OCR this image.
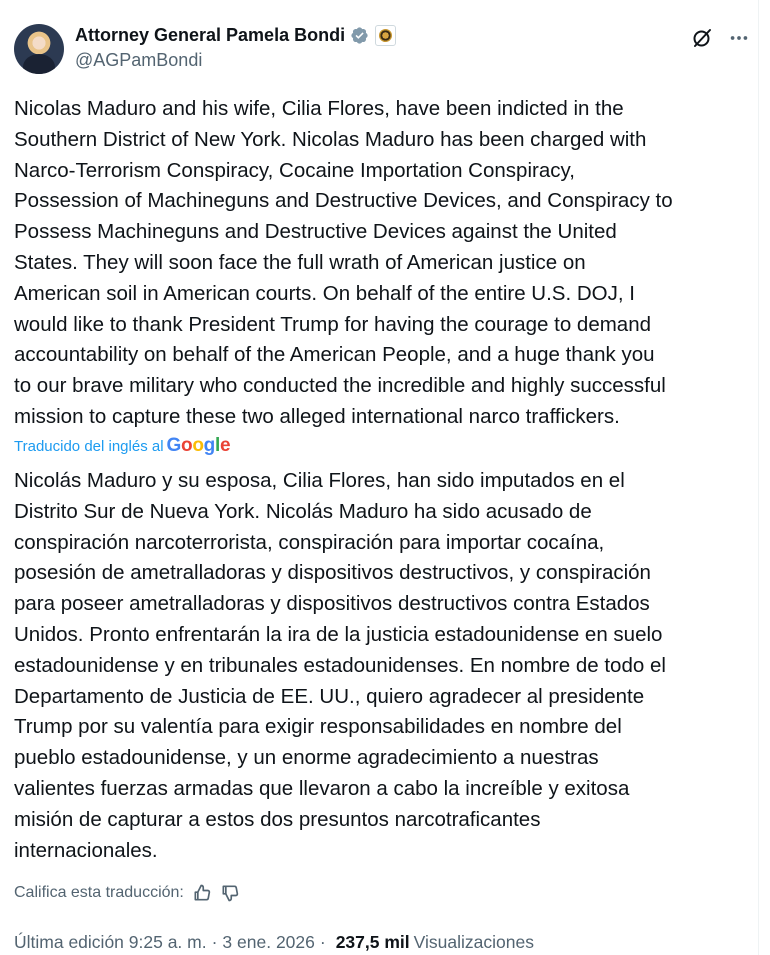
Attorney General Pamela Bondi
@AGPamBondi

Nicolas Maduro and his wife, Cilia Flores, have been indicted in the
Southern District of New York. Nicolas Maduro has been charged with
Narco-Terrorism Conspiracy, Cocaine Importation Conspiracy,
Possession of Machineguns and Destructive Devices, and Conspiracy to
Possess Machineguns and Destructive Devices against the United
States. They will soon face the full wrath of American justice on
American soil in American courts. On behalf of the entire U.S. DOJ, I
would like to thank President Trump for having the courage to demand
accountability on behalf of the American People, and a huge thank you
to our brave military who conducted the incredible and highly successful
mission to capture these two alleged international narco traffickers.

Traducido del inglés al Google

Nicolás Maduro y su esposa, Cilia Flores, han sido imputados en el
Distrito Sur de Nueva York. Nicolás Maduro ha sido acusado de
conspiración narcoterrorista, conspiración para importar cocaína,
posesión de ametralladoras y dispositivos destructivos, y conspiración
para poseer ametralladoras y dispositivos destructivos contra Estados
Unidos. Pronto enfrentarán la ira de la justicia estadounidense en suelo
estadounidense y en tribunales estadounidenses. En nombre de todo el
Departamento de Justicia de EE. UU., quiero agradecer al presidente
Trump por su valentía para exigir responsabilidades en nombre del
pueblo estadounidense, y un enorme agradecimiento a nuestras
valientes fuerzas armadas que llevaron a cabo la increíble y exitosa
misión de capturar a estos dos presuntos narcotraficantes
internacionales.

Califica esta traducción:
Última edición 9:25 a. m. · 3 ene. 2026 · 237,5 mil Visualizaciones
